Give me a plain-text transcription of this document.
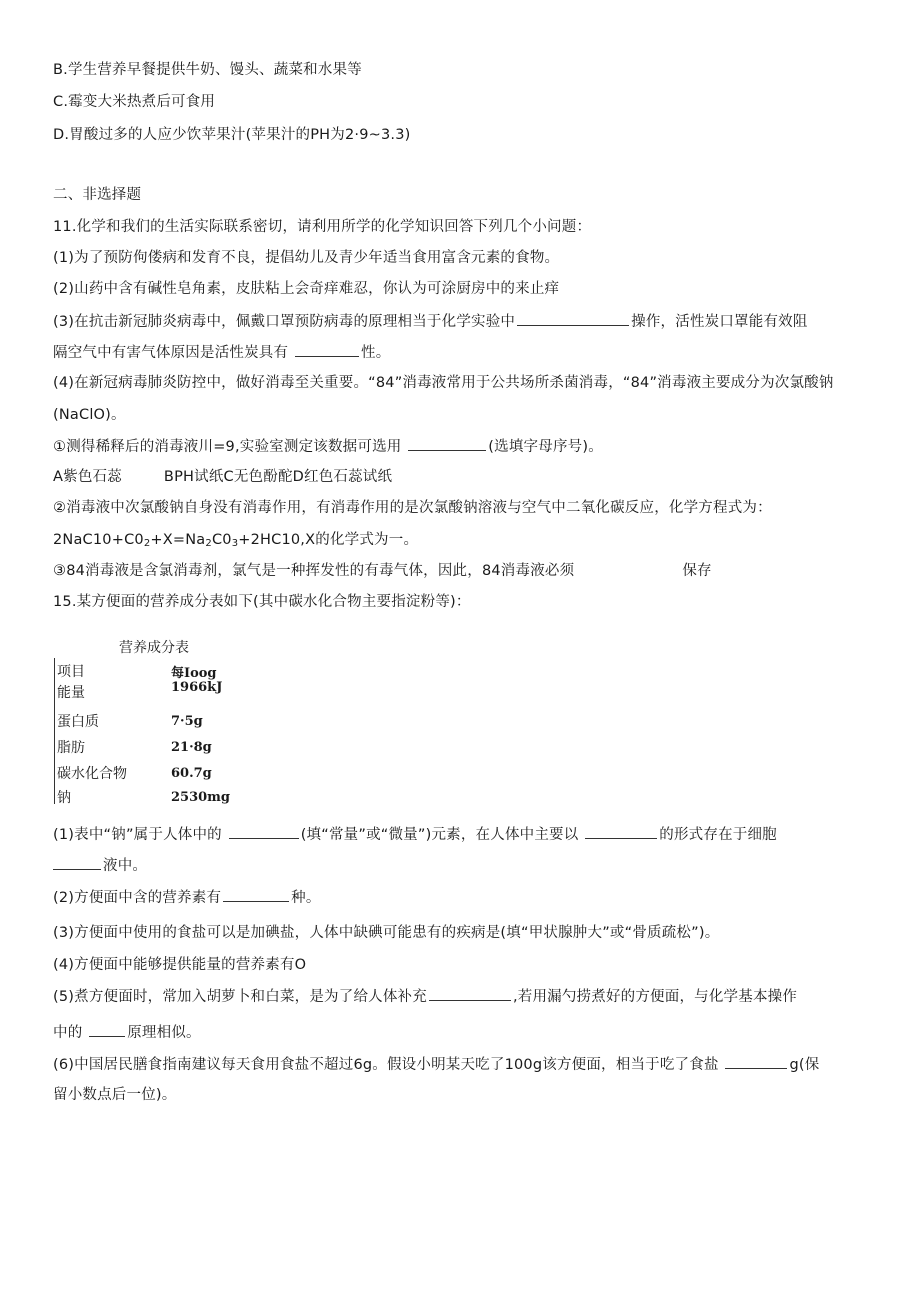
B.学生营养早餐提供牛奶、馒头、蔬菜和水果等
C.霉变大米热煮后可食用
D.胃酸过多的人应少饮苹果汁(苹果汁的PH为2·9~3.3)
二、非选择题
11.化学和我们的生活实际联系密切，请利用所学的化学知识回答下列几个小问题：
(1)为了预防佝偻病和发育不良，提倡幼儿及青少年适当食用富含元素的食物。
(2)山药中含有碱性皂角素，皮肤粘上会奇痒难忍，你认为可涂厨房中的来止痒
(3)在抗击新冠肺炎病毒中，佩戴口罩预防病毒的原理相当于化学实验中	操作，活性炭口罩能有效阻
隔空气中有害气体原因是活性炭具有	性。
(4)在新冠病毒肺炎防控中，做好消毒至关重要。“84”消毒液常用于公共场所杀菌消毒，“84”消毒液主要成分为次氯酸钠
(NaClO)。
①测得稀释后的消毒液川=9,实验室测定该数据可选用	(选填字母序号)。
A紫色石蕊	BPH试纸C无色酚酡D红色石蕊试纸
②消毒液中次氯酸钠自身没有消毒作用，有消毒作用的是次氯酸钠溶液与空气中二氧化碳反应，化学方程式为：
$2NaC10+C0_2+X=Na_2C0_3+2HC10,X$的化学式为一。
③84消毒液是含氯消毒剂，氯气是一种挥发性的有毒气体，因此，84消毒液必须	保存
15.某方便面的营养成分表如下(其中碳水化合物主要指淀粉等)：
营养成分表
项目	每Ioog
能量	1966kJ
蛋白质	7·5g
脂肪	21·8g
碳水化合物	60.7g
钠	2530mg
(1)表中“钠”属于人体中的	(填“常量”或“微量”)元素，在人体中主要以	的形式存在于细胞
液中。
(2)方便面中含的营养素有	种。
(3)方便面中使用的食盐可以是加碘盐，人体中缺碘可能患有的疾病是(填“甲状腺肿大”或“骨质疏松”)。
(4)方便面中能够提供能量的营养素有O
(5)煮方便面时，常加入胡萝卜和白菜，是为了给人体补充	,若用漏勺捞煮好的方便面，与化学基本操作
中的	原理相似。
(6)中国居民膳食指南建议每天食用食盐不超过6g。假设小明某天吃了100g该方便面，相当于吃了食盐	g(保
留小数点后一位)。
